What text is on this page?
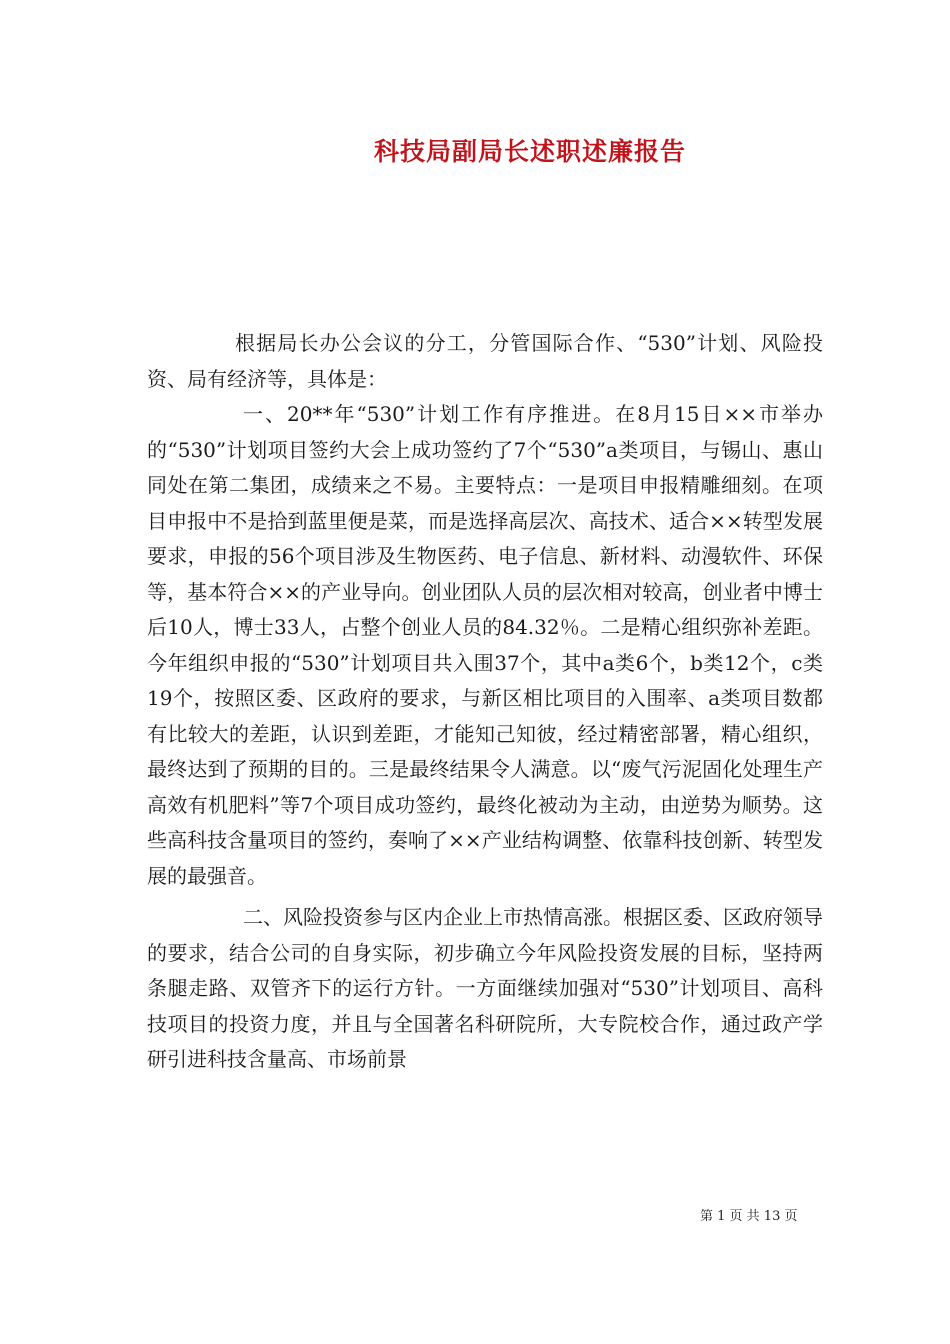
科技局副局长述职述廉报告

根据局长办公会议的分工，分管国际合作、“530”计划、风险投资、局有经济等，具体是：

一、20**年“530”计划工作有序推进。在8月15日××市举办的“530”计划项目签约大会上成功签约了7个“530”a类项目，与锡山、惠山同处在第二集团，成绩来之不易。主要特点：一是项目申报精雕细刻。在项目申报中不是拾到蓝里便是菜，而是选择高层次、高技术、适合××转型发展要求，申报的56个项目涉及生物医药、电子信息、新材料、动漫软件、环保等，基本符合××的产业导向。创业团队人员的层次相对较高，创业者中博士后10人，博士33人，占整个创业人员的84.32％。二是精心组织弥补差距。今年组织申报的“530”计划项目共入围37个，其中a类6个，b类12个，c类19个，按照区委、区政府的要求，与新区相比项目的入围率、a类项目数都有比较大的差距，认识到差距，才能知己知彼，经过精密部署，精心组织，最终达到了预期的目的。三是最终结果令人满意。以“废气污泥固化处理生产高效有机肥料”等7个项目成功签约，最终化被动为主动，由逆势为顺势。这些高科技含量项目的签约，奏响了××产业结构调整、依靠科技创新、转型发展的最强音。

二、风险投资参与区内企业上市热情高涨。根据区委、区政府领导的要求，结合公司的自身实际，初步确立今年风险投资发展的目标，坚持两条腿走路、双管齐下的运行方针。一方面继续加强对“530”计划项目、高科技项目的投资力度，并且与全国著名科研院所，大专院校合作，通过政产学研引进科技含量高、市场前景

第 1 页 共 13 页
